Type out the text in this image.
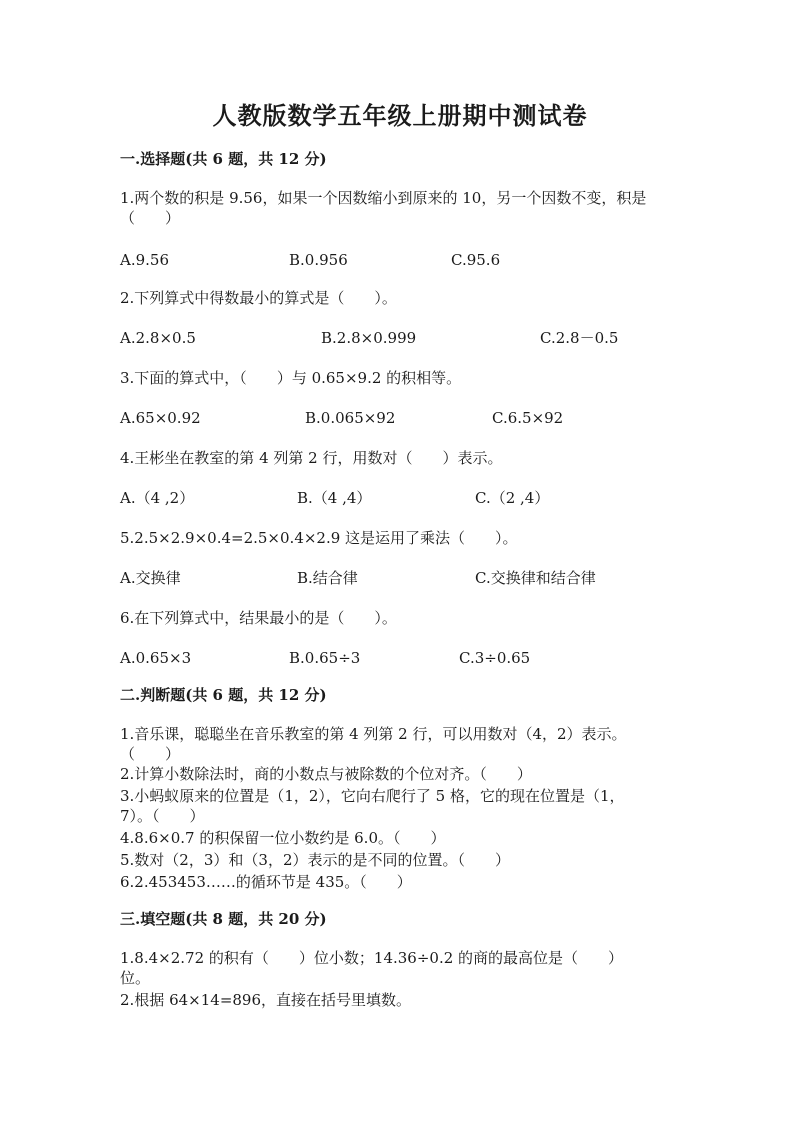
人教版数学五年级上册期中测试卷
一.选择题(共 6 题，共 12 分)
1.两个数的积是 9.56，如果一个因数缩小到原来的 10，另一个因数不变，积是（　　）
A.9.56	B.0.956	C.95.6
2.下列算式中得数最小的算式是（　　）。
A.2.8×0.5	B.2.8×0.999	C.2.8－0.5
3.下面的算式中，（　　）与 0.65×9.2 的积相等。
A.65×0.92	B.0.065×92	C.6.5×92
4.王彬坐在教室的第 4 列第 2 行，用数对（　　）表示。
A.（4 ,2）	B.（4 ,4）	C.（2 ,4）
5.2.5×2.9×0.4=2.5×0.4×2.9 这是运用了乘法（　　）。
A.交换律	B.结合律	C.交换律和结合律
6.在下列算式中，结果最小的是（　　）。
A.0.65×3	B.0.65÷3	C.3÷0.65
二.判断题(共 6 题，共 12 分)
1.音乐课，聪聪坐在音乐教室的第 4 列第 2 行，可以用数对（4，2）表示。
（　　）
2.计算小数除法时，商的小数点与被除数的个位对齐。（　　）
3.小蚂蚁原来的位置是（1，2），它向右爬行了 5 格，它的现在位置是（1，
7）。（　　）
4.8.6×0.7 的积保留一位小数约是 6.0。（　　）
5.数对（2，3）和（3，2）表示的是不同的位置。（　　）
6.2.453453……的循环节是 435。（　　）
三.填空题(共 8 题，共 20 分)
1.8.4×2.72 的积有（　　）位小数；14.36÷0.2 的商的最高位是（　　）
位。
2.根据 64×14=896，直接在括号里填数。
